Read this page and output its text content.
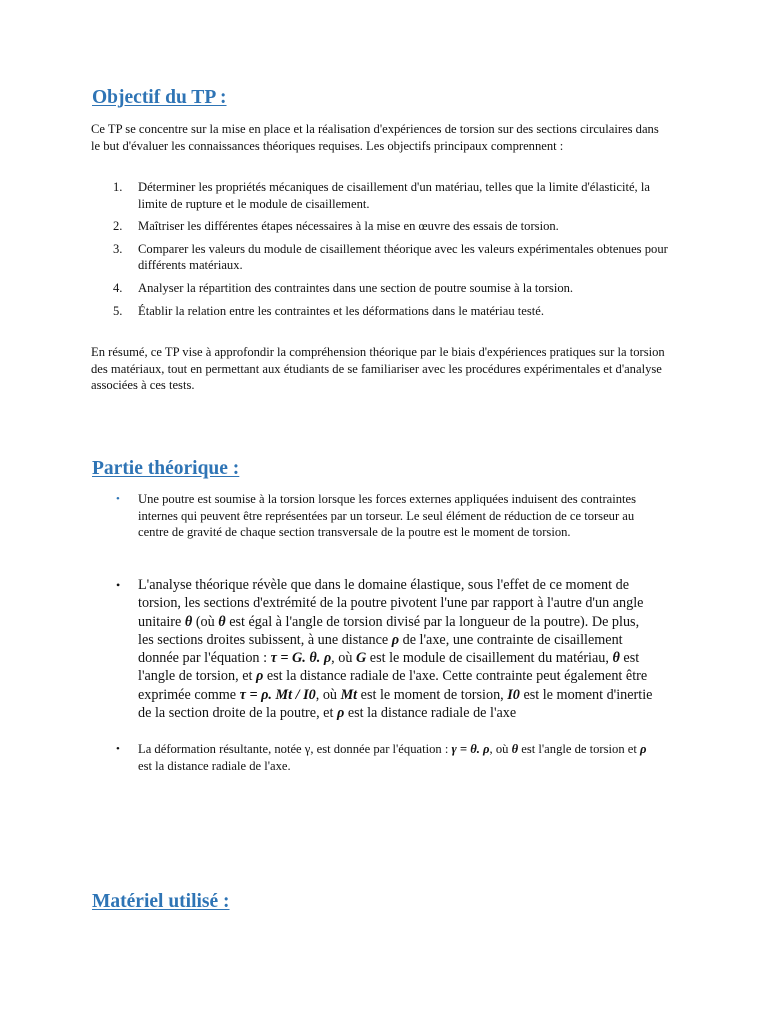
Objectif du TP :

Ce TP se concentre sur la mise en place et la réalisation d'expériences de torsion sur des sections circulaires dans le but d'évaluer les connaissances théoriques requises. Les objectifs principaux comprennent :

1. Déterminer les propriétés mécaniques de cisaillement d'un matériau, telles que la limite d'élasticité, la limite de rupture et le module de cisaillement.
2. Maîtriser les différentes étapes nécessaires à la mise en œuvre des essais de torsion.
3. Comparer les valeurs du module de cisaillement théorique avec les valeurs expérimentales obtenues pour différents matériaux.
4. Analyser la répartition des contraintes dans une section de poutre soumise à la torsion.
5. Établir la relation entre les contraintes et les déformations dans le matériau testé.

En résumé, ce TP vise à approfondir la compréhension théorique par le biais d'expériences pratiques sur la torsion des matériaux, tout en permettant aux étudiants de se familiariser avec les procédures expérimentales et d'analyse associées à ces tests.

Partie théorique :
• Une poutre est soumise à la torsion lorsque les forces externes appliquées induisent des contraintes internes qui peuvent être représentées par un torseur. Le seul élément de réduction de ce torseur au centre de gravité de chaque section transversale de la poutre est le moment de torsion.
• L'analyse théorique révèle que dans le domaine élastique, sous l'effet de ce moment de torsion, les sections d'extrémité de la poutre pivotent l'une par rapport à l'autre d'un angle unitaire θ (où θ est égal à l'angle de torsion divisé par la longueur de la poutre). De plus, les sections droites subissent, à une distance ρ de l'axe, une contrainte de cisaillement donnée par l'équation : τ = G. θ. ρ, où G est le module de cisaillement du matériau, θ est l'angle de torsion, et ρ est la distance radiale de l'axe. Cette contrainte peut également être exprimée comme τ = ρ. Mt / I0, où Mt est le moment de torsion, I0 est le moment d'inertie de la section droite de la poutre, et ρ est la distance radiale de l'axe
• La déformation résultante, notée γ, est donnée par l'équation : γ = θ. ρ, où θ est l'angle de torsion et ρ est la distance radiale de l'axe.
Matériel utilisé :
